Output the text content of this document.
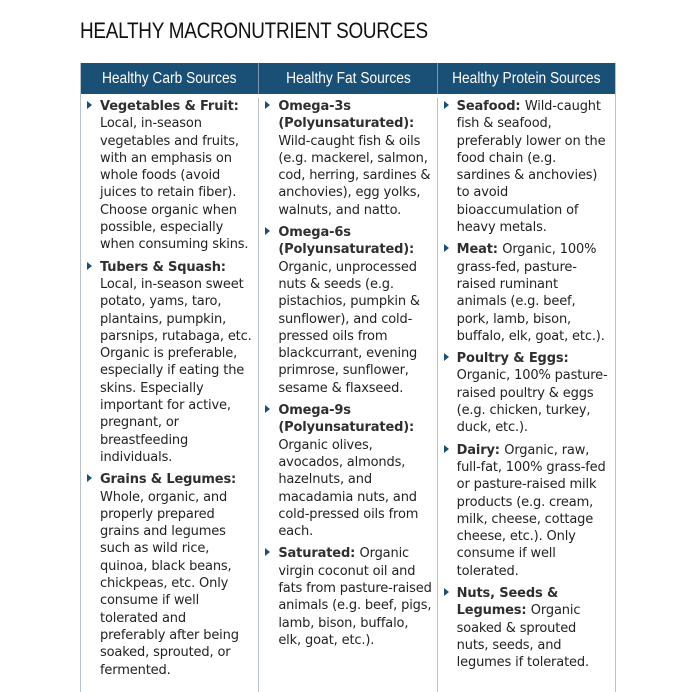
HEALTHY MACRONUTRIENT SOURCES
Healthy Carb Sources	Healthy Fat Sources	Healthy Protein Sources
Vegetables & Fruit: Local, in-season vegetables and fruits, with an emphasis on whole foods (avoid juices to retain fiber). Choose organic when possible, especially when consuming skins.
Tubers & Squash: Local, in-season sweet potato, yams, taro, plantains, pumpkin, parsnips, rutabaga, etc. Organic is preferable, especially if eating the skins. Especially important for active, pregnant, or breastfeeding individuals.
Grains & Legumes: Whole, organic, and properly prepared grains and legumes such as wild rice, quinoa, black beans, chickpeas, etc. Only consume if well tolerated and preferably after being soaked, sprouted, or fermented.
Omega-3s (Polyunsaturated): Wild-caught fish & oils (e.g. mackerel, salmon, cod, herring, sardines & anchovies), egg yolks, walnuts, and natto.
Omega-6s (Polyunsaturated): Organic, unprocessed nuts & seeds (e.g. pistachios, pumpkin & sunflower), and cold-pressed oils from blackcurrant, evening primrose, sunflower, sesame & flaxseed.
Omega-9s (Polyunsaturated): Organic olives, avocados, almonds, hazelnuts, and macadamia nuts, and cold-pressed oils from each.
Saturated: Organic virgin coconut oil and fats from pasture-raised animals (e.g. beef, pigs, lamb, bison, buffalo, elk, goat, etc.).
Seafood: Wild-caught fish & seafood, preferably lower on the food chain (e.g. sardines & anchovies) to avoid bioaccumulation of heavy metals.
Meat: Organic, 100% grass-fed, pasture-raised ruminant animals (e.g. beef, pork, lamb, bison, buffalo, elk, goat, etc.).
Poultry & Eggs: Organic, 100% pasture-raised poultry & eggs (e.g. chicken, turkey, duck, etc.).
Dairy: Organic, raw, full-fat, 100% grass-fed or pasture-raised milk products (e.g. cream, milk, cheese, cottage cheese, etc.). Only consume if well tolerated.
Nuts, Seeds & Legumes: Organic soaked & sprouted nuts, seeds, and legumes if tolerated.
